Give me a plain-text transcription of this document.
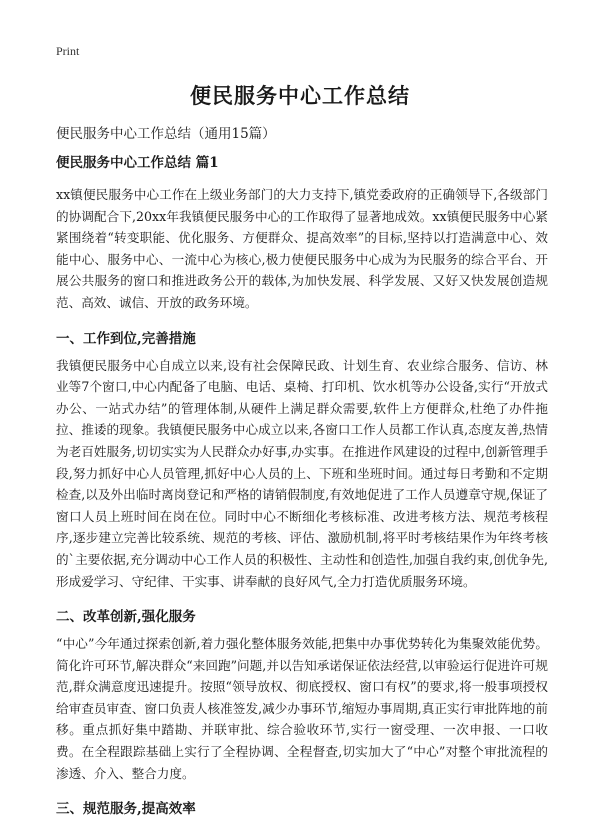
Print
便民服务中心工作总结
便民服务中心工作总结（通用15篇）
便民服务中心工作总结 篇1

xx镇便民服务中心工作在上级业务部门的大力支持下,镇党委政府的正确领导下,各级部门的协调配合下,20xx年我镇便民服务中心的工作取得了显著地成效。xx镇便民服务中心紧紧围绕着“转变职能、优化服务、方便群众、提高效率”的目标,坚持以打造满意中心、效能中心、服务中心、一流中心为核心,极力使便民服务中心成为为民服务的综合平台、开展公共服务的窗口和推进政务公开的载体,为加快发展、科学发展、又好又快发展创造规范、高效、诚信、开放的政务环境。

一、工作到位,完善措施

我镇便民服务中心自成立以来,设有社会保障民政、计划生育、农业综合服务、信访、林业等7个窗口,中心内配备了电脑、电话、桌椅、打印机、饮水机等办公设备,实行“开放式办公、一站式办结”的管理体制,从硬件上满足群众需要,软件上方便群众,杜绝了办件拖拉、推诿的现象。我镇便民服务中心成立以来,各窗口工作人员都工作认真,态度友善,热情为老百姓服务,切切实实为人民群众办好事,办实事。在推进作风建设的过程中,创新管理手段,努力抓好中心人员管理,抓好中心人员的上、下班和坐班时间。通过每日考勤和不定期检查,以及外出临时离岗登记和严格的请销假制度,有效地促进了工作人员遵章守规,保证了窗口人员上班时间在岗在位。同时中心不断细化考核标准、改进考核方法、规范考核程序,逐步建立完善比较系统、规范的考核、评估、激励机制,将平时考核结果作为年终考核的`主要依据,充分调动中心工作人员的积极性、主动性和创造性,加强自我约束,创优争先,形成爱学习、守纪律、干实事、讲奉献的良好风气,全力打造优质服务环境。

二、改革创新,强化服务

“中心”今年通过探索创新,着力强化整体服务效能,把集中办事优势转化为集聚效能优势。简化许可环节,解决群众“来回跑”问题,并以告知承诺保证依法经营,以审验运行促进许可规范,群众满意度迅速提升。按照“领导放权、彻底授权、窗口有权”的要求,将一般事项授权给审查员审查、窗口负责人核准签发,减少办事环节,缩短办事周期,真正实行审批阵地的前移。重点抓好集中踏勘、并联审批、综合验收环节,实行一窗受理、一次申报、一口收费。在全程跟踪基础上实行了全程协调、全程督查,切实加大了“中心”对整个审批流程的渗透、介入、整合力度。

三、规范服务,提高效率
